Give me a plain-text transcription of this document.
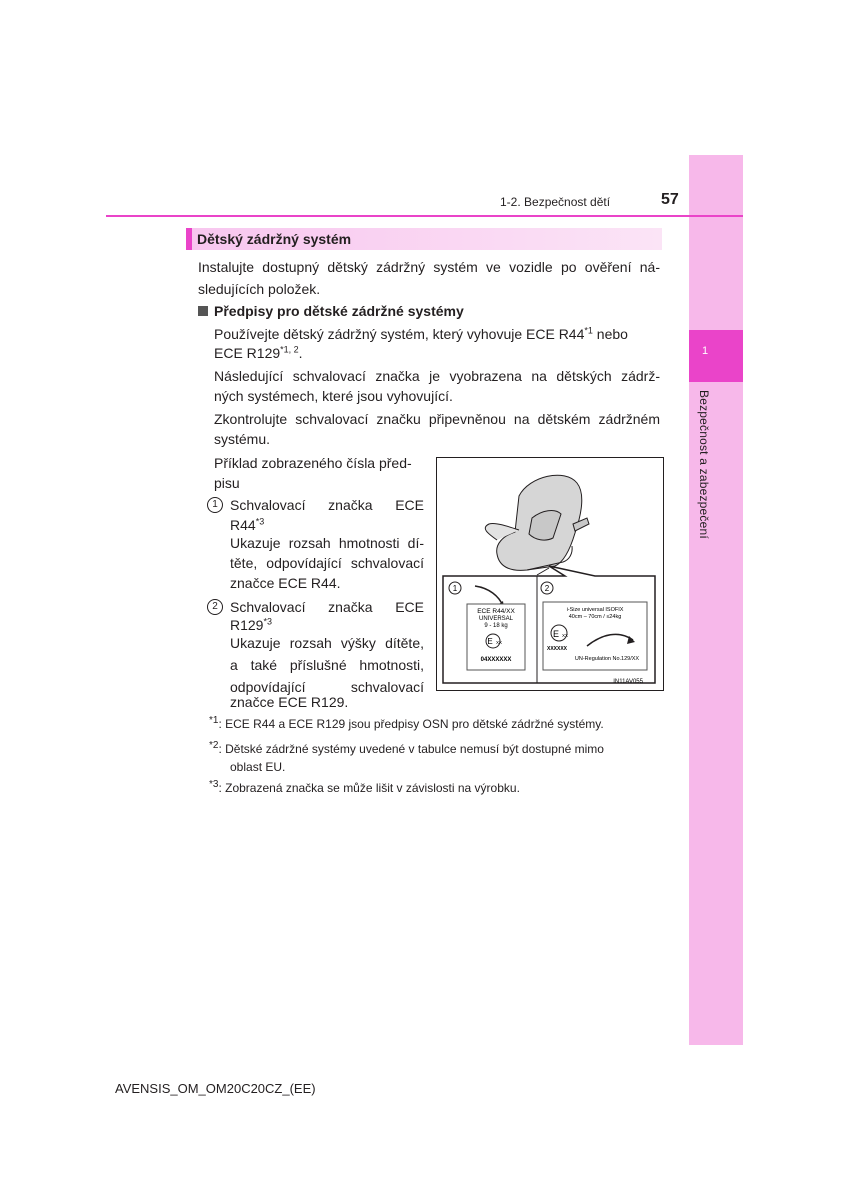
1
Bezpečnost a zabezpečení
1-2. Bezpečnost dětí	57
Dětský zádržný systém
Instalujte dostupný dětský zádržný systém ve vozidle po ověření ná-
sledujících položek.
Předpisy pro dětské zádržné systémy
Používejte dětský zádržný systém, který vyhovuje ECE R44$^{*1}$ nebo
ECE R129$^{*1, 2}$.
Následující schvalovací značka je vyobrazena na dětských zádrž-
ných systémech, které jsou vyhovující.
Zkontrolujte schvalovací značku připevněnou na dětském zádržném
systému.
Příklad zobrazeného čísla před-
pisu
1 Schvalovací značka ECE
R44$^{*3}$
Ukazuje rozsah hmotnosti dí-
těte, odpovídající schvalovací
značce ECE R44.
2 Schvalovací značka ECE
R129$^{*3}$
Ukazuje rozsah výšky dítěte,
a také příslušné hmotnosti,
odpovídající schvalovací
značce ECE R129.
1
ECE R44/XX
UNIVERSAL
9 - 18 kg
E XX
04XXXXXX
2
i-Size universal ISOFIX
40cm – 70cm / ≤24kg
E XX
XXXXXX
UN-Regulation No.129/XX
IN11AV055
$^{*1}$: ECE R44 a ECE R129 jsou předpisy OSN pro dětské zádržné systémy.
$^{*2}$: Dětské zádržné systémy uvedené v tabulce nemusí být dostupné mimo
oblast EU.
$^{*3}$: Zobrazená značka se může lišit v závislosti na výrobku.
AVENSIS_OM_OM20C20CZ_(EE)
